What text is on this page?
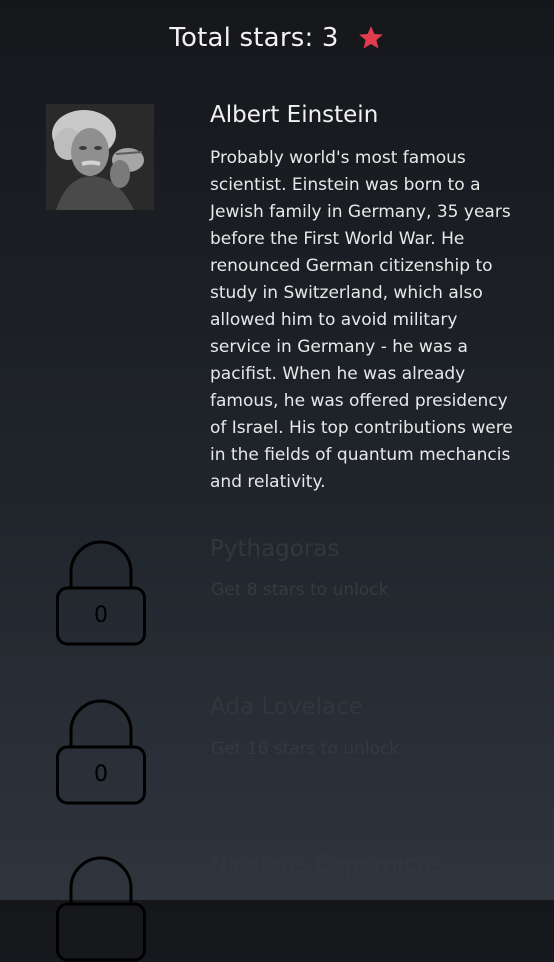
Total stars: 3
Albert Einstein

Probably world's most famous scientist. Einstein was born to a Jewish family in Germany, 35 years before the First World War. He renounced German citizenship to study in Switzerland, which also allowed him to avoid military service in Germany - he was a pacifist. When he was already famous, he was offered presidency of Israel. His top contributions were in the fields of quantum mechancis and relativity.

0
Pythagoras
Get 8 stars to unlock
0
Ada Lovelace
Get 16 stars to unlock
Nicolaus Copernicus
